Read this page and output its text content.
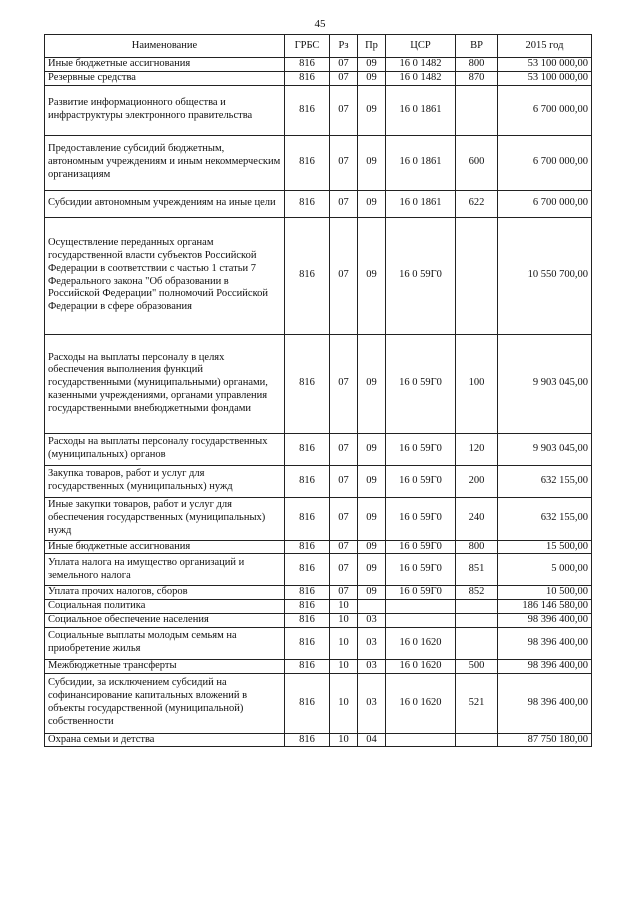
45
Наименование	ГРБС	Рз	Пр	ЦСР	ВР	2015 год
Иные бюджетные ассигнования	816	07	09	16 0 1482	800	53 100 000,00
Резервные средства	816	07	09	16 0 1482	870	53 100 000,00
Развитие информационного общества и инфраструктуры электронного правительства	816	07	09	16 0 1861		6 700 000,00
Предоставление субсидий бюджетным, автономным учреждениям и иным некоммерческим организациям	816	07	09	16 0 1861	600	6 700 000,00
Субсидии автономным учреждениям на иные цели	816	07	09	16 0 1861	622	6 700 000,00
Осуществление переданных органам государственной власти субъектов Российской Федерации в соответствии с частью 1 статьи 7 Федерального закона "Об образовании в Российской Федерации" полномочий Российской Федерации в сфере образования	816	07	09	16 0 59Г0		10 550 700,00
Расходы на выплаты персоналу в целях обеспечения выполнения функций государственными (муниципальными) органами, казенными учреждениями, органами управления государственными внебюджетными фондами	816	07	09	16 0 59Г0	100	9 903 045,00
Расходы на выплаты персоналу государственных (муниципальных) органов	816	07	09	16 0 59Г0	120	9 903 045,00
Закупка товаров, работ и услуг для государственных (муниципальных) нужд	816	07	09	16 0 59Г0	200	632 155,00
Иные закупки товаров, работ и услуг для обеспечения государственных (муниципальных) нужд	816	07	09	16 0 59Г0	240	632 155,00
Иные бюджетные ассигнования	816	07	09	16 0 59Г0	800	15 500,00
Уплата налога на имущество организаций и земельного налога	816	07	09	16 0 59Г0	851	5 000,00
Уплата прочих налогов, сборов	816	07	09	16 0 59Г0	852	10 500,00
Социальная политика	816	10				186 146 580,00
Социальное обеспечение населения	816	10	03			98 396 400,00
Социальные выплаты молодым семьям на приобретение жилья	816	10	03	16 0 1620		98 396 400,00
Межбюджетные трансферты	816	10	03	16 0 1620	500	98 396 400,00
Субсидии, за исключением субсидий на софинансирование капитальных вложений в объекты государственной (муниципальной) собственности	816	10	03	16 0 1620	521	98 396 400,00
Охрана семьи и детства	816	10	04			87 750 180,00
